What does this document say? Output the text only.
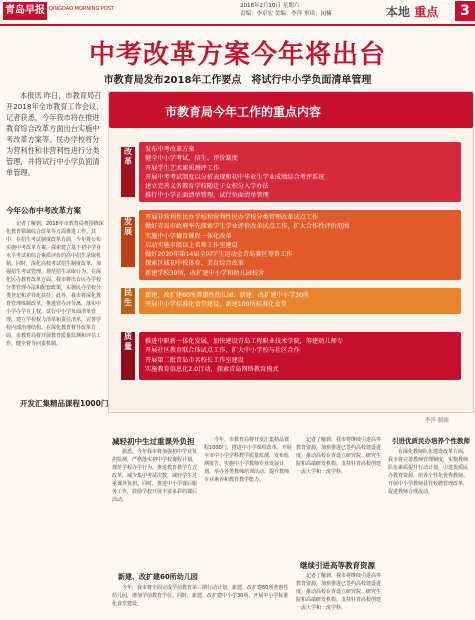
青岛早报 QINGDAO MORNING POST	2018年2月10日 星期六
责编：李卓宏 美编：李萍 审读：闵楠	本地 重点	3
中考改革方案今年将出台
市教育局发布2018年工作要点　将试行中小学负面清单管理
本报讯 昨日，市教育局召开2018年全市教育工作会议，记者获悉，今年我市将在推进教育综合改革方面出台实施中考改革方案等。民办学校将分为营利性和非营利性进行分类管理，并将试行中小学负面清单管理。
今年公布中考改革方案
记者了解到，2018年市教育局将围绕深化教育领域综合改革等方面推进工作。其中，在招生考试制度改革方面，今年将公布实施中考改革方案，探索建立基于初中学业水平考试和综合素质评价的高中招生录取机制。同时，深化高校考试招生制度改革，加强招生考试管理，规范招生录取行为。在深化民办教育改革方面，我市将出台民办学校分类管理办法和配套政策，实施民办学校分类登记和差异化扶持。此外，我市将深化教育管理体制改革，推进管办评分离，落实中小学办学自主权，试行中小学负面清单管理，建立学校权力清单和责任清单，完善学校内部治理结构。在深化教育督导改革方面，市教育局将开展教育质量监测和评估工作，健全督导问责机制。
市教育局今年工作的重点内容
改
革
发布中考改革方案
健全中小学考试、招生、评价制度
开展学生艺术素质测评工作
开展中考考试制度以分析表现和初中毕业生学业成绩综合考评系统
建立完善义务教育学校随迁子女积分入学办法
推行中小学正面清单管理，试行负面清单管理
发
展
开展非营利性民办学校和营利性民办学校分类管理改革试点工作
做好青岛市政府率先探索学生学业评价改革试点工作，扩大合作性评价范围
实施中小学德育课程一体化改革
启动实施市级以上名师工作室建设
做好2020年第14届全国学生运动会青岛赛区筹备工作
探索区域初中校体育、美育综合改革
新建学校39所，改扩建中小学和幼儿园校舍
民
生
新建、改扩建60所普惠性幼儿园，新建、改扩建中小学30所
开展中小学标准化食堂建设，新建100所标准化食堂
质
量
推进中职新一体化发展，加快建设青岛工程职业技术学院，筹建幼儿师专
开展社区教育联合体试点工作，扩大中小学校与社区合作
开展第二批青岛市名校长工作室建设
实施教育信息化2.0行动，探索青岛网络教育模式
李萍 制图
减轻初中生过重课外负担
据悉，今年我市将加强初中学业负担监测，严格落实初中学校课程计划，规范学校办学行为。推进教育教学方式改革，减少集中考试次数，减轻学生过重课外负担。同时，推进中小学课后服务工作，鼓励学校开展丰富多彩的课后活动。
新建、改扩建60所幼儿园
今年，我市将全面完成学前教育第三期行动计划，新建、改扩建60所普惠性幼儿园，增加学前教育学位。同时，新建、改扩建中小学30所，开展中小学标准化食堂建设。
今年，市教育局将开发汇集精品课程1000门，推进中小学课程改革。开展全市中小学学科教学质量监测，发布监测报告。实施中小学教师专业发展计划，举办各类教师培训活动，提升教师专业素养和教育教学能力。
记者了解到，我市将继续引进高等教育资源，加快推进已签约高校建设进度，推动高校在青设立研究院、研究生院和高端研发机构。支持驻青高校创建一流大学和一流学科。
继续引进高等教育资源
记者了解到，我市将继续引进高等教育资源，加快推进已签约高校建设进度，推动高校在青设立研究院、研究生院和高端研发机构。支持驻青高校创建一流大学和一流学科。
引进优质民办培养个性教师
在深化教师队伍建设改革方面，我市将完善教师管理制度，实施教师队伍素质提升行动计划，引进优质民办教育资源，培养个性化优秀教师。开展中小学教师县管校聘管理改革，促进教师合理流动。
开发汇集精品课程1000门
